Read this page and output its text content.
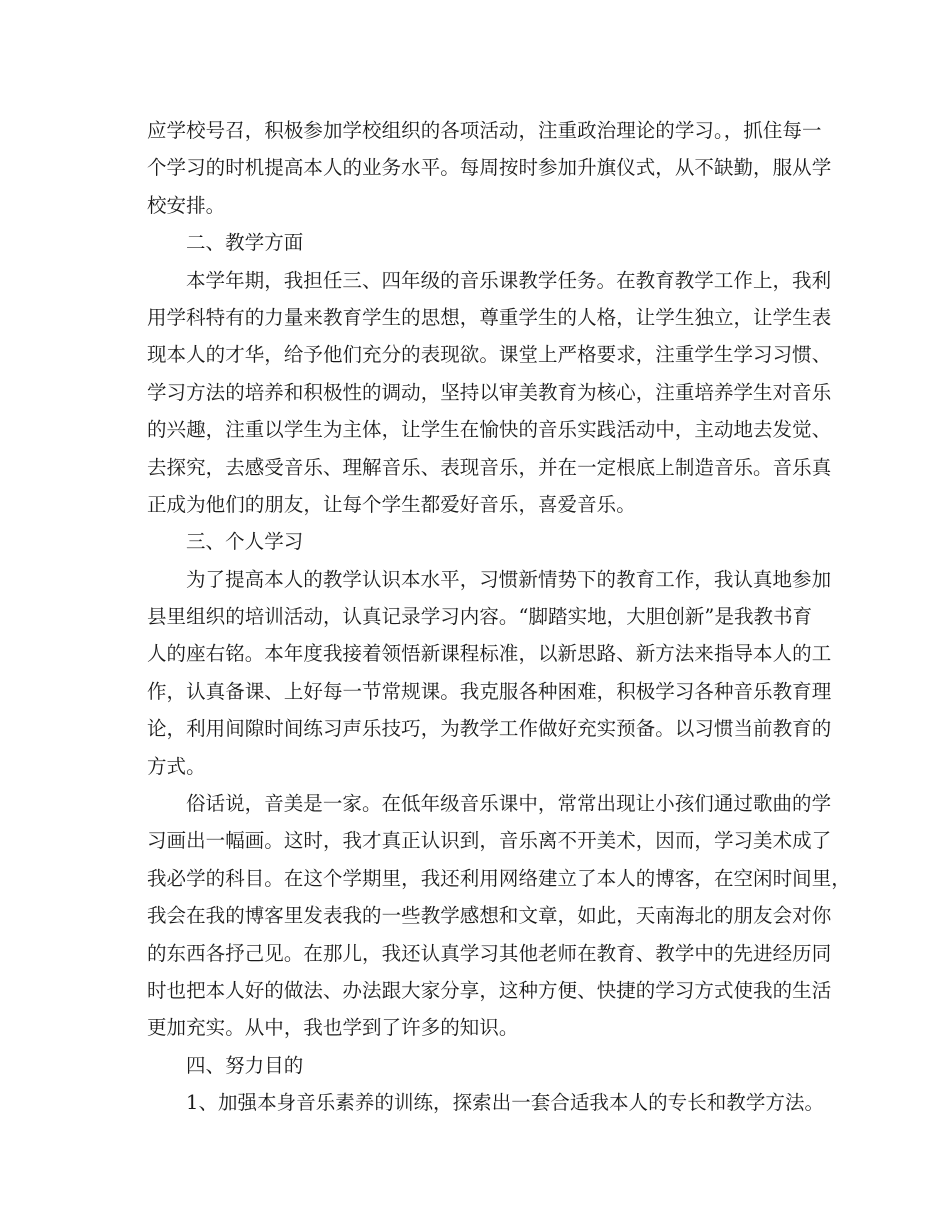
应学校号召，积极参加学校组织的各项活动，注重政治理论的学习。，抓住每一
个学习的时机提高本人的业务水平。每周按时参加升旗仪式，从不缺勤，服从学
校安排。
二、教学方面
本学年期，我担任三、四年级的音乐课教学任务。在教育教学工作上，我利
用学科特有的力量来教育学生的思想，尊重学生的人格，让学生独立，让学生表
现本人的才华，给予他们充分的表现欲。课堂上严格要求，注重学生学习习惯、
学习方法的培养和积极性的调动，坚持以审美教育为核心，注重培养学生对音乐
的兴趣，注重以学生为主体，让学生在愉快的音乐实践活动中，主动地去发觉、
去探究，去感受音乐、理解音乐、表现音乐，并在一定根底上制造音乐。音乐真
正成为他们的朋友，让每个学生都爱好音乐，喜爱音乐。
三、个人学习
为了提高本人的教学认识本水平，习惯新情势下的教育工作，我认真地参加
县里组织的培训活动，认真记录学习内容。“脚踏实地，大胆创新”是我教书育
人的座右铭。本年度我接着领悟新课程标准，以新思路、新方法来指导本人的工
作，认真备课、上好每一节常规课。我克服各种困难，积极学习各种音乐教育理
论，利用间隙时间练习声乐技巧，为教学工作做好充实预备。以习惯当前教育的
方式。
俗话说，音美是一家。在低年级音乐课中，常常出现让小孩们通过歌曲的学
习画出一幅画。这时，我才真正认识到，音乐离不开美术，因而，学习美术成了
我必学的科目。在这个学期里，我还利用网络建立了本人的博客，在空闲时间里，
我会在我的博客里发表我的一些教学感想和文章，如此，天南海北的朋友会对你
的东西各抒己见。在那儿，我还认真学习其他老师在教育、教学中的先进经历同
时也把本人好的做法、办法跟大家分享，这种方便、快捷的学习方式使我的生活
更加充实。从中，我也学到了许多的知识。
四、努力目的
1、加强本身音乐素养的训练，探索出一套合适我本人的专长和教学方法。
